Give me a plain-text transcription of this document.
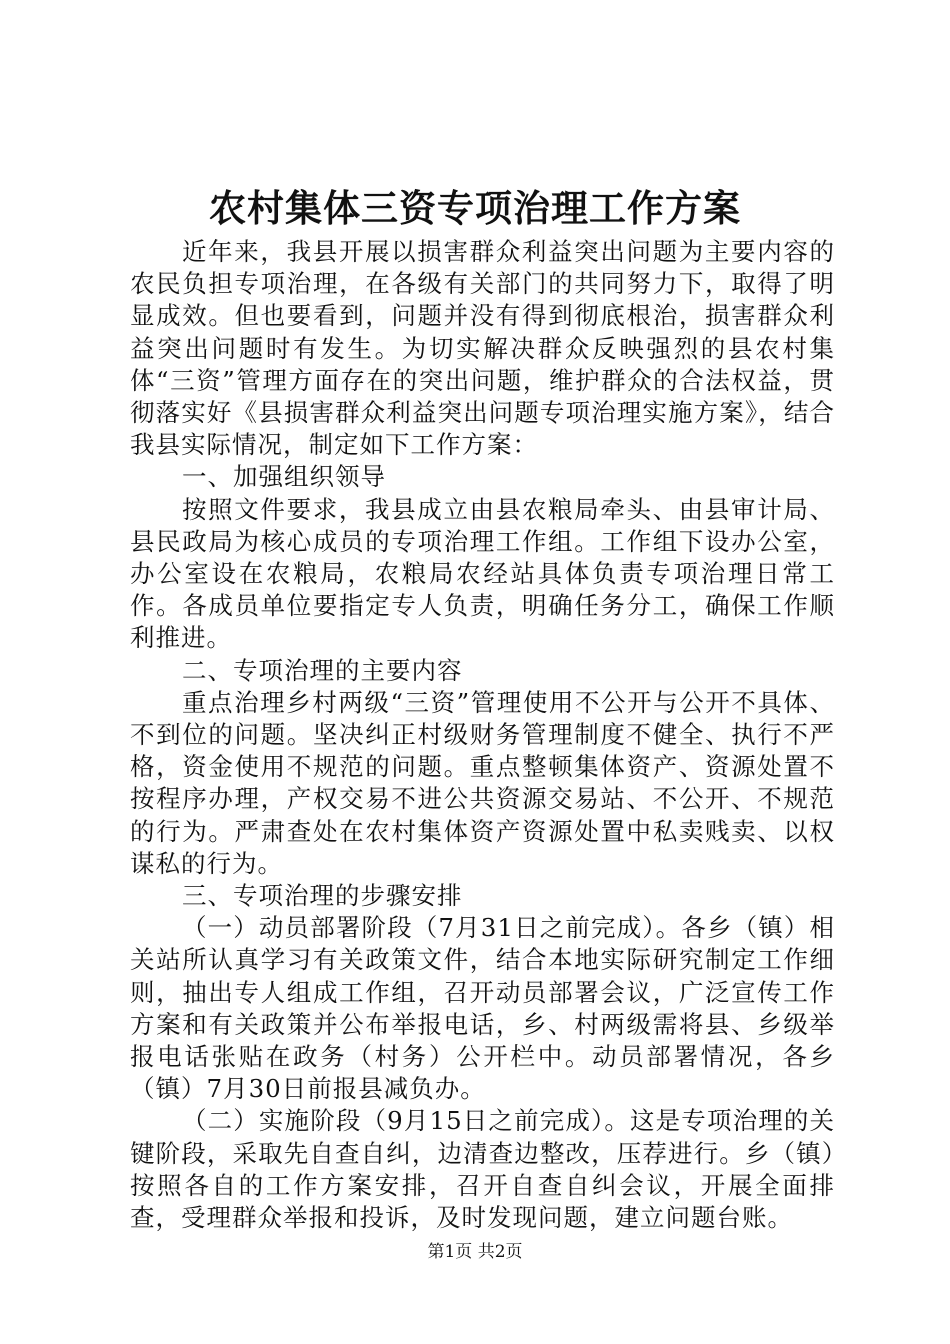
农村集体三资专项治理工作方案

近年来，我县开展以损害群众利益突出问题为主要内容的农民负担专项治理，在各级有关部门的共同努力下，取得了明显成效。但也要看到，问题并没有得到彻底根治，损害群众利益突出问题时有发生。为切实解决群众反映强烈的县农村集体“三资”管理方面存在的突出问题，维护群众的合法权益，贯彻落实好《县损害群众利益突出问题专项治理实施方案》，结合我县实际情况，制定如下工作方案：

一、加强组织领导

按照文件要求，我县成立由县农粮局牵头、由县审计局、县民政局为核心成员的专项治理工作组。工作组下设办公室，办公室设在农粮局，农粮局农经站具体负责专项治理日常工作。各成员单位要指定专人负责，明确任务分工，确保工作顺利推进。

二、专项治理的主要内容

重点治理乡村两级“三资”管理使用不公开与公开不具体、不到位的问题。坚决纠正村级财务管理制度不健全、执行不严格，资金使用不规范的问题。重点整顿集体资产、资源处置不按程序办理，产权交易不进公共资源交易站、不公开、不规范的行为。严肃查处在农村集体资产资源处置中私卖贱卖、以权谋私的行为。

三、专项治理的步骤安排

（一）动员部署阶段（7月31日之前完成）。各乡（镇）相关站所认真学习有关政策文件，结合本地实际研究制定工作细则，抽出专人组成工作组，召开动员部署会议，广泛宣传工作方案和有关政策并公布举报电话，乡、村两级需将县、乡级举报电话张贴在政务（村务）公开栏中。动员部署情况，各乡（镇）7月30日前报县减负办。

（二）实施阶段（9月15日之前完成）。这是专项治理的关键阶段，采取先自查自纠，边清查边整改，压荐进行。乡（镇）按照各自的工作方案安排，召开自查自纠会议，开展全面排查，受理群众举报和投诉，及时发现问题，建立问题台账。

第1页 共2页
